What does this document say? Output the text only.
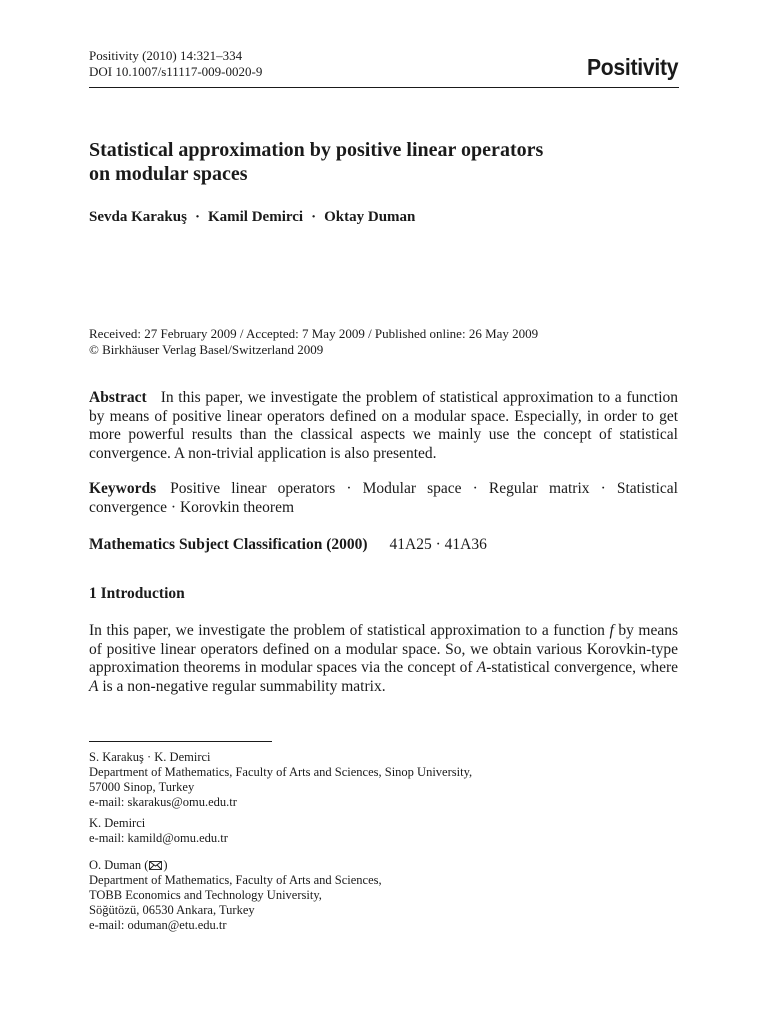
Positivity (2010) 14:321–334
DOI 10.1007/s11117-009-0020-9	Positivity
Statistical approximation by positive linear operators
on modular spaces
Sevda Karakuş · Kamil Demirci · Oktay Duman
Received: 27 February 2009 / Accepted: 7 May 2009 / Published online: 26 May 2009
© Birkhäuser Verlag Basel/Switzerland 2009
Abstract In this paper, we investigate the problem of statistical approximation to a function by means of positive linear operators defined on a modular space. Especially, in order to get more powerful results than the classical aspects we mainly use the concept of statistical convergence. A non-trivial application is also presented.
Keywords Positive linear operators · Modular space · Regular matrix · Statistical convergence · Korovkin theorem
Mathematics Subject Classification (2000) 41A25 · 41A36
1 Introduction
In this paper, we investigate the problem of statistical approximation to a function f by means of positive linear operators defined on a modular space. So, we obtain various Korovkin-type approximation theorems in modular spaces via the concept of A-statistical convergence, where A is a non-negative regular summability matrix.
S. Karakuş · K. Demirci
Department of Mathematics, Faculty of Arts and Sciences, Sinop University,
57000 Sinop, Turkey
e-mail: skarakus@omu.edu.tr
K. Demirci
e-mail: kamild@omu.edu.tr
O. Duman ( )
Department of Mathematics, Faculty of Arts and Sciences,
TOBB Economics and Technology University,
Söğütözü, 06530 Ankara, Turkey
e-mail: oduman@etu.edu.tr
